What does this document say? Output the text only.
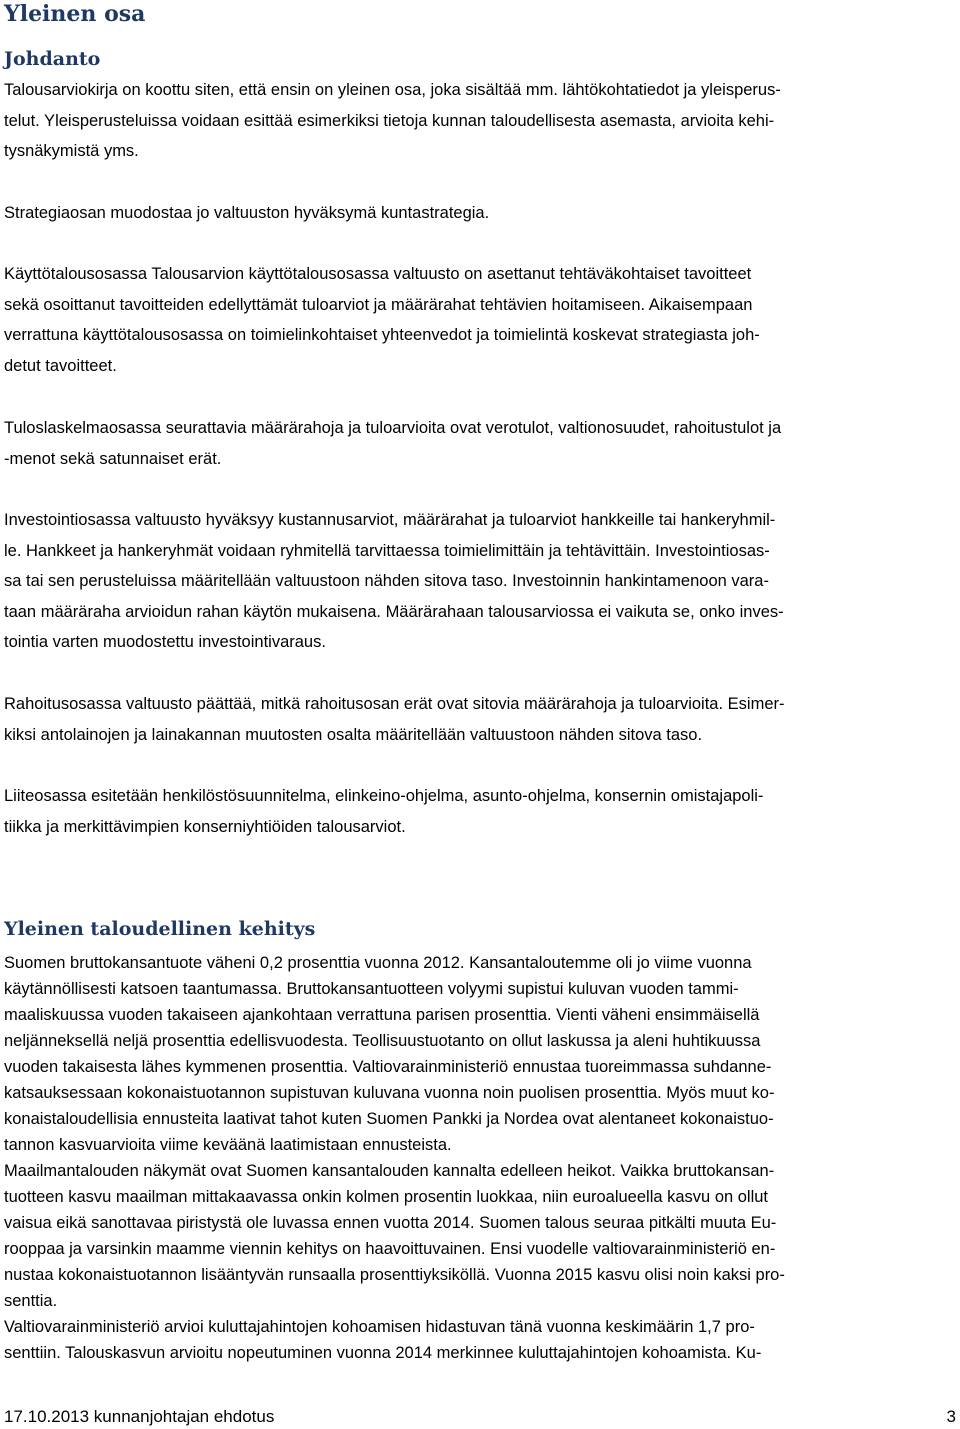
Yleinen osa
Johdanto

Talousarviokirja on koottu siten, että ensin on yleinen osa, joka sisältää mm. lähtökohtatiedot ja yleisperus-
telut. Yleisperusteluissa voidaan esittää esimerkiksi tietoja kunnan taloudellisesta asemasta, arvioita kehi-
tysnäkymistä yms.

Strategiaosan muodostaa jo valtuuston hyväksymä kuntastrategia.

Käyttötalousosassa Talousarvion käyttötalousosassa valtuusto on asettanut tehtäväkohtaiset tavoitteet
sekä osoittanut tavoitteiden edellyttämät tuloarviot ja määrärahat tehtävien hoitamiseen. Aikaisempaan
verrattuna käyttötalousosassa on toimielinkohtaiset yhteenvedot ja toimielintä koskevat strategiasta joh-
detut tavoitteet.

Tuloslaskelmaosassa seurattavia määrärahoja ja tuloarvioita ovat verotulot, valtionosuudet, rahoitustulot ja
-menot sekä satunnaiset erät.

Investointiosassa valtuusto hyväksyy kustannusarviot, määrärahat ja tuloarviot hankkeille tai hankeryhmil-
le. Hankkeet ja hankeryhmät voidaan ryhmitellä tarvittaessa toimielimittäin ja tehtävittäin. Investointiosas-
sa tai sen perusteluissa määritellään valtuustoon nähden sitova taso. Investoinnin hankintamenoon vara-
taan määräraha arvioidun rahan käytön mukaisena. Määrärahaan talousarviossa ei vaikuta se, onko inves-
tointia varten muodostettu investointivaraus.

Rahoitusosassa valtuusto päättää, mitkä rahoitusosan erät ovat sitovia määrärahoja ja tuloarvioita. Esimer-
kiksi antolainojen ja lainakannan muutosten osalta määritellään valtuustoon nähden sitova taso.

Liiteosassa esitetään henkilöstösuunnitelma, elinkeino-ohjelma, asunto-ohjelma, konsernin omistajapoli-
tiikka ja merkittävimpien konserniyhtiöiden talousarviot.

Yleinen taloudellinen kehitys

Suomen bruttokansantuote väheni 0,2 prosenttia vuonna 2012. Kansantaloutemme oli jo viime vuonna
käytännöllisesti katsoen taantumassa. Bruttokansantuotteen volyymi supistui kuluvan vuoden tammi-
maaliskuussa vuoden takaiseen ajankohtaan verrattuna parisen prosenttia. Vienti väheni ensimmäisellä
neljänneksellä neljä prosenttia edellisvuodesta. Teollisuustuotanto on ollut laskussa ja aleni huhtikuussa
vuoden takaisesta lähes kymmenen prosenttia. Valtiovarainministeriö ennustaa tuoreimmassa suhdanne-
katsauksessaan kokonaistuotannon supistuvan kuluvana vuonna noin puolisen prosenttia. Myös muut ko-
konaistaloudellisia ennusteita laativat tahot kuten Suomen Pankki ja Nordea ovat alentaneet kokonaistuo-
tannon kasvuarvioita viime keväänä laatimistaan ennusteista.
Maailmantalouden näkymät ovat Suomen kansantalouden kannalta edelleen heikot. Vaikka bruttokansan-
tuotteen kasvu maailman mittakaavassa onkin kolmen prosentin luokkaa, niin euroalueella kasvu on ollut
vaisua eikä sanottavaa piristystä ole luvassa ennen vuotta 2014. Suomen talous seuraa pitkälti muuta Eu-
rooppaa ja varsinkin maamme viennin kehitys on haavoittuvainen. Ensi vuodelle valtiovarainministeriö en-
nustaa kokonaistuotannon lisääntyvän runsaalla prosenttiyksiköllä. Vuonna 2015 kasvu olisi noin kaksi pro-
senttia.
Valtiovarainministeriö arvioi kuluttajahintojen kohoamisen hidastuvan tänä vuonna keskimäärin 1,7 pro-
senttiin. Talouskasvun arvioitu nopeutuminen vuonna 2014 merkinnee kuluttajahintojen kohoamista. Ku-

17.10.2013 kunnanjohtajan ehdotus	3
